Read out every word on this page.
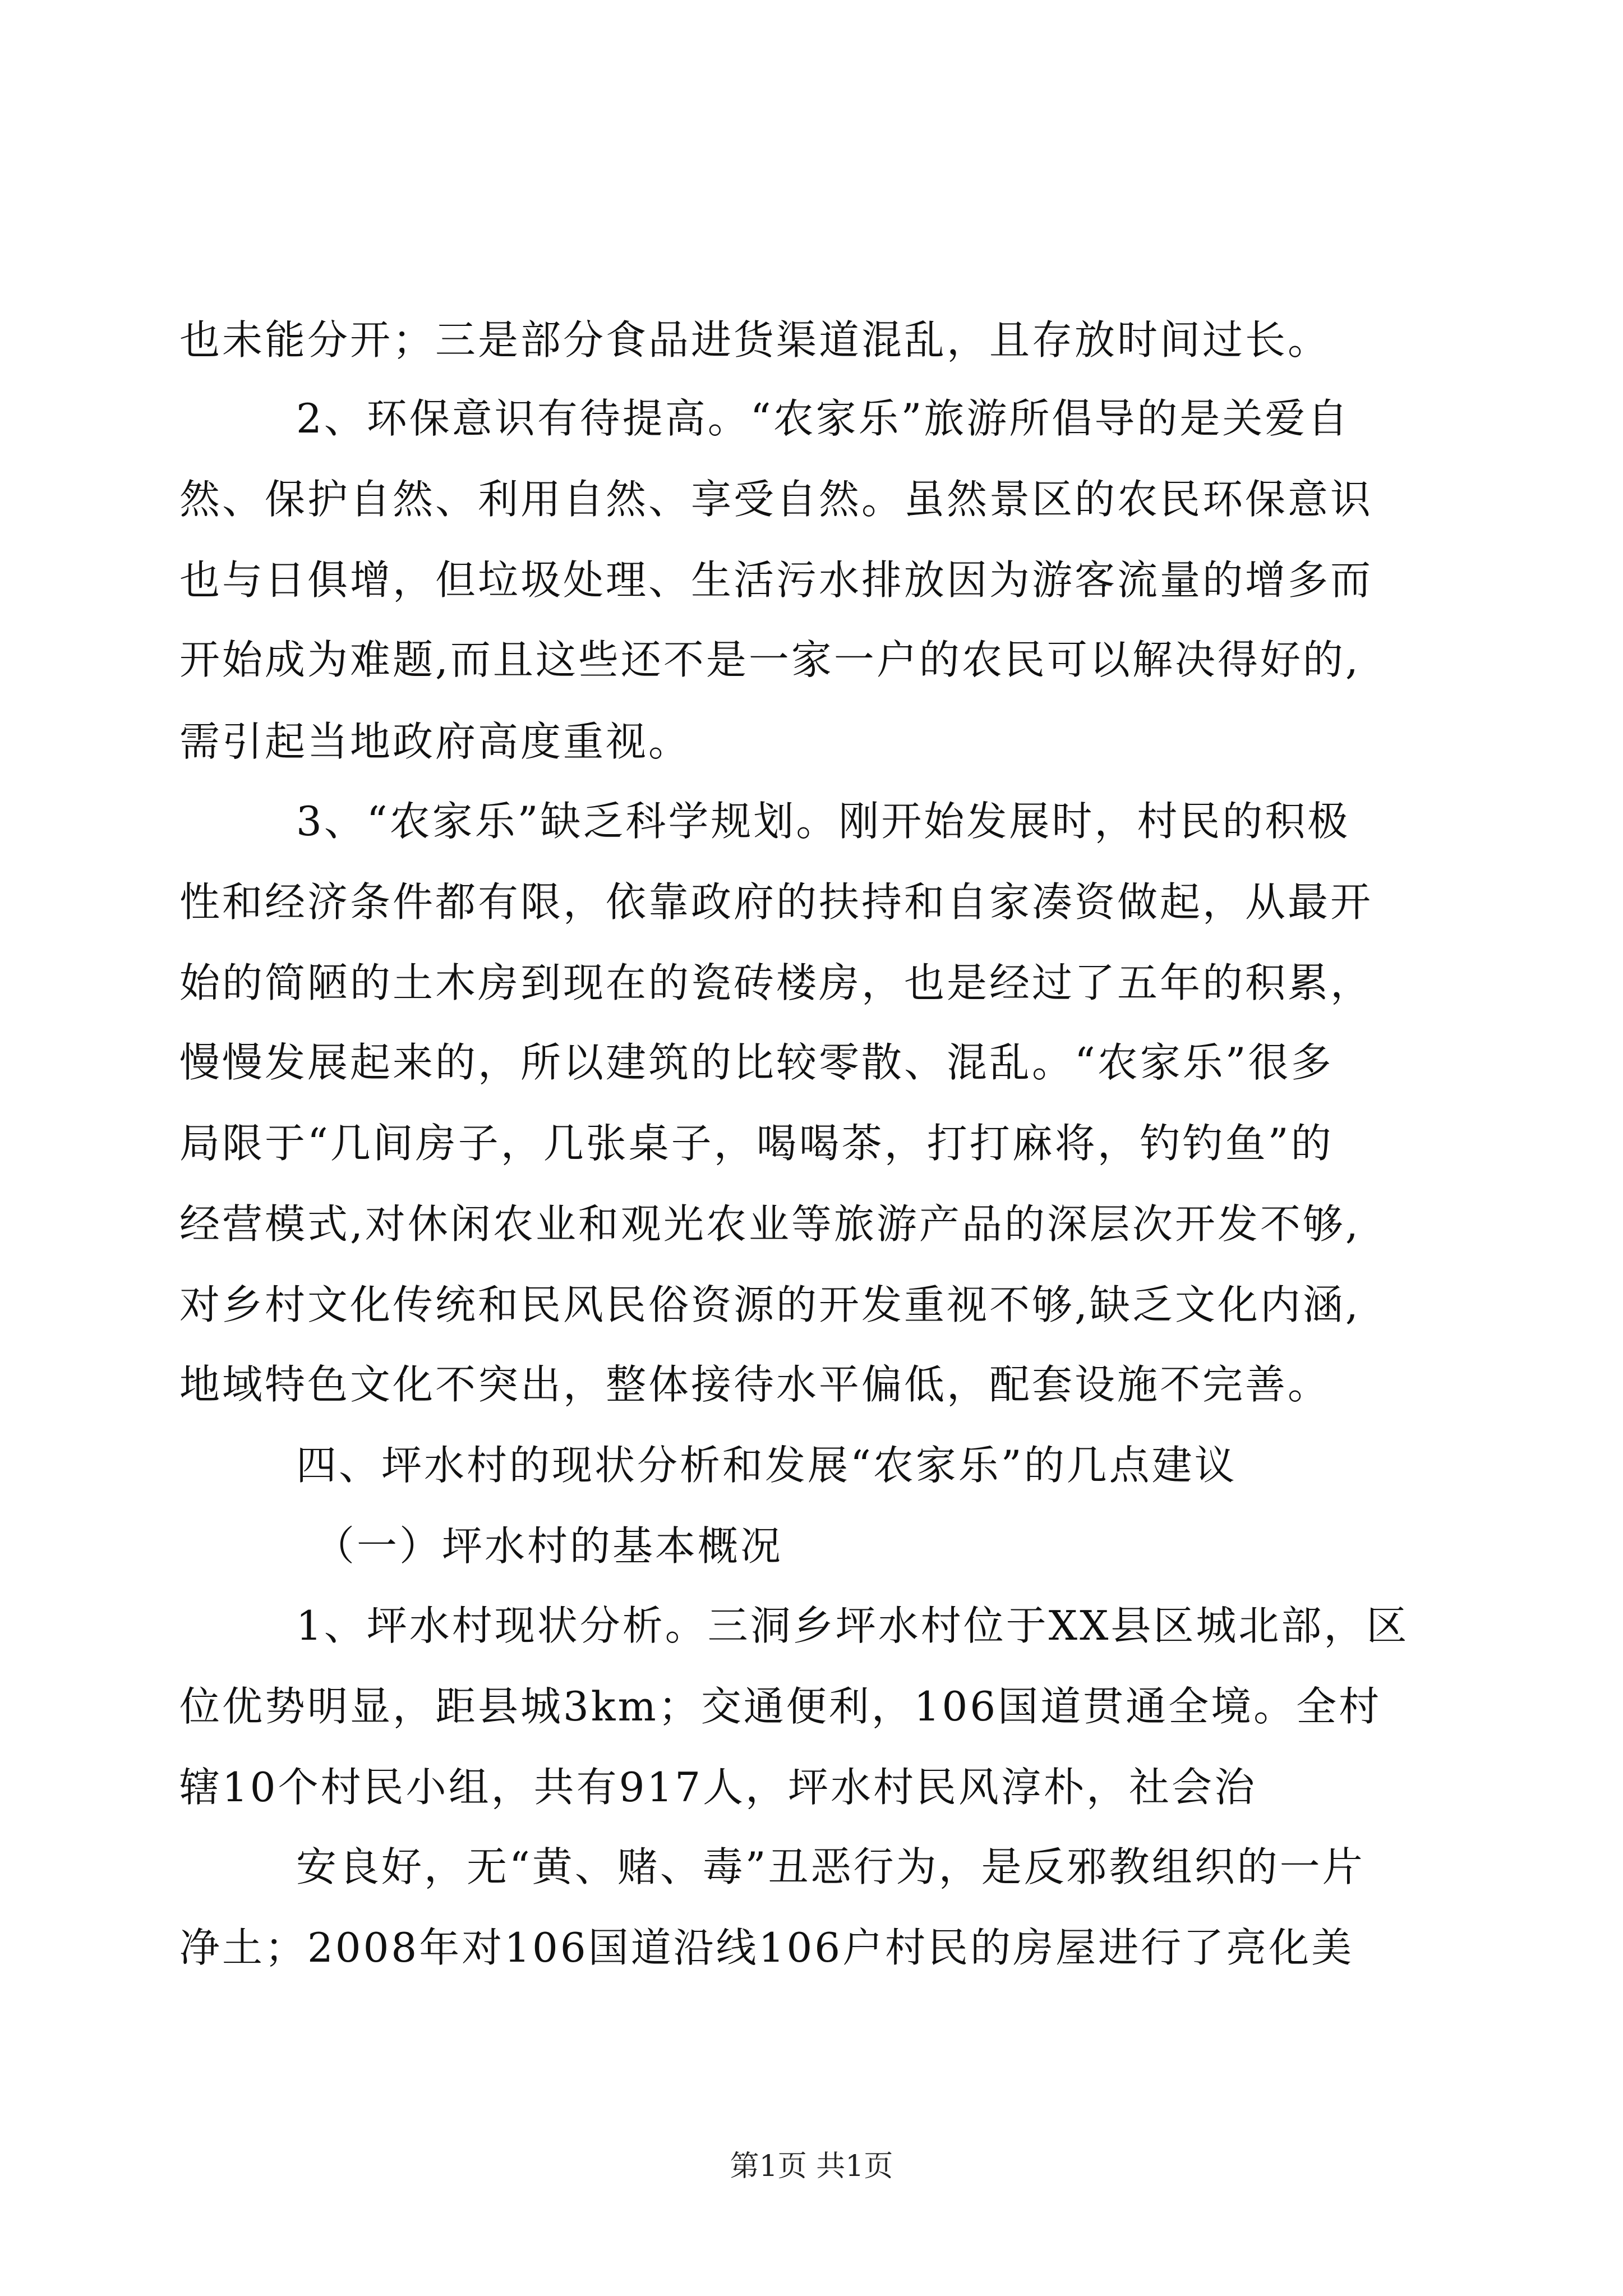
也未能分开；三是部分食品进货渠道混乱，且存放时间过长。
2、环保意识有待提高。“农家乐”旅游所倡导的是关爱自
然、保护自然、利用自然、享受自然。虽然景区的农民环保意识
也与日俱增，但垃圾处理、生活污水排放因为游客流量的增多而
开始成为难题,而且这些还不是一家一户的农民可以解决得好的,
需引起当地政府高度重视。
3、“农家乐”缺乏科学规划。刚开始发展时，村民的积极
性和经济条件都有限，依靠政府的扶持和自家凑资做起，从最开
始的简陋的土木房到现在的瓷砖楼房，也是经过了五年的积累，
慢慢发展起来的，所以建筑的比较零散、混乱。“农家乐”很多
局限于“几间房子，几张桌子，喝喝茶，打打麻将，钓钓鱼”的
经营模式,对休闲农业和观光农业等旅游产品的深层次开发不够,
对乡村文化传统和民风民俗资源的开发重视不够,缺乏文化内涵,
地域特色文化不突出，整体接待水平偏低，配套设施不完善。
四、坪水村的现状分析和发展“农家乐”的几点建议
（一）坪水村的基本概况
1、坪水村现状分析。三洞乡坪水村位于XX县区城北部，区
位优势明显，距县城3km；交通便利，106国道贯通全境。全村
辖10个村民小组，共有917人，坪水村民风淳朴，社会治
安良好，无“黄、赌、毒”丑恶行为，是反邪教组织的一片
净土；2008年对106国道沿线106户村民的房屋进行了亮化美
第1页 共1页
